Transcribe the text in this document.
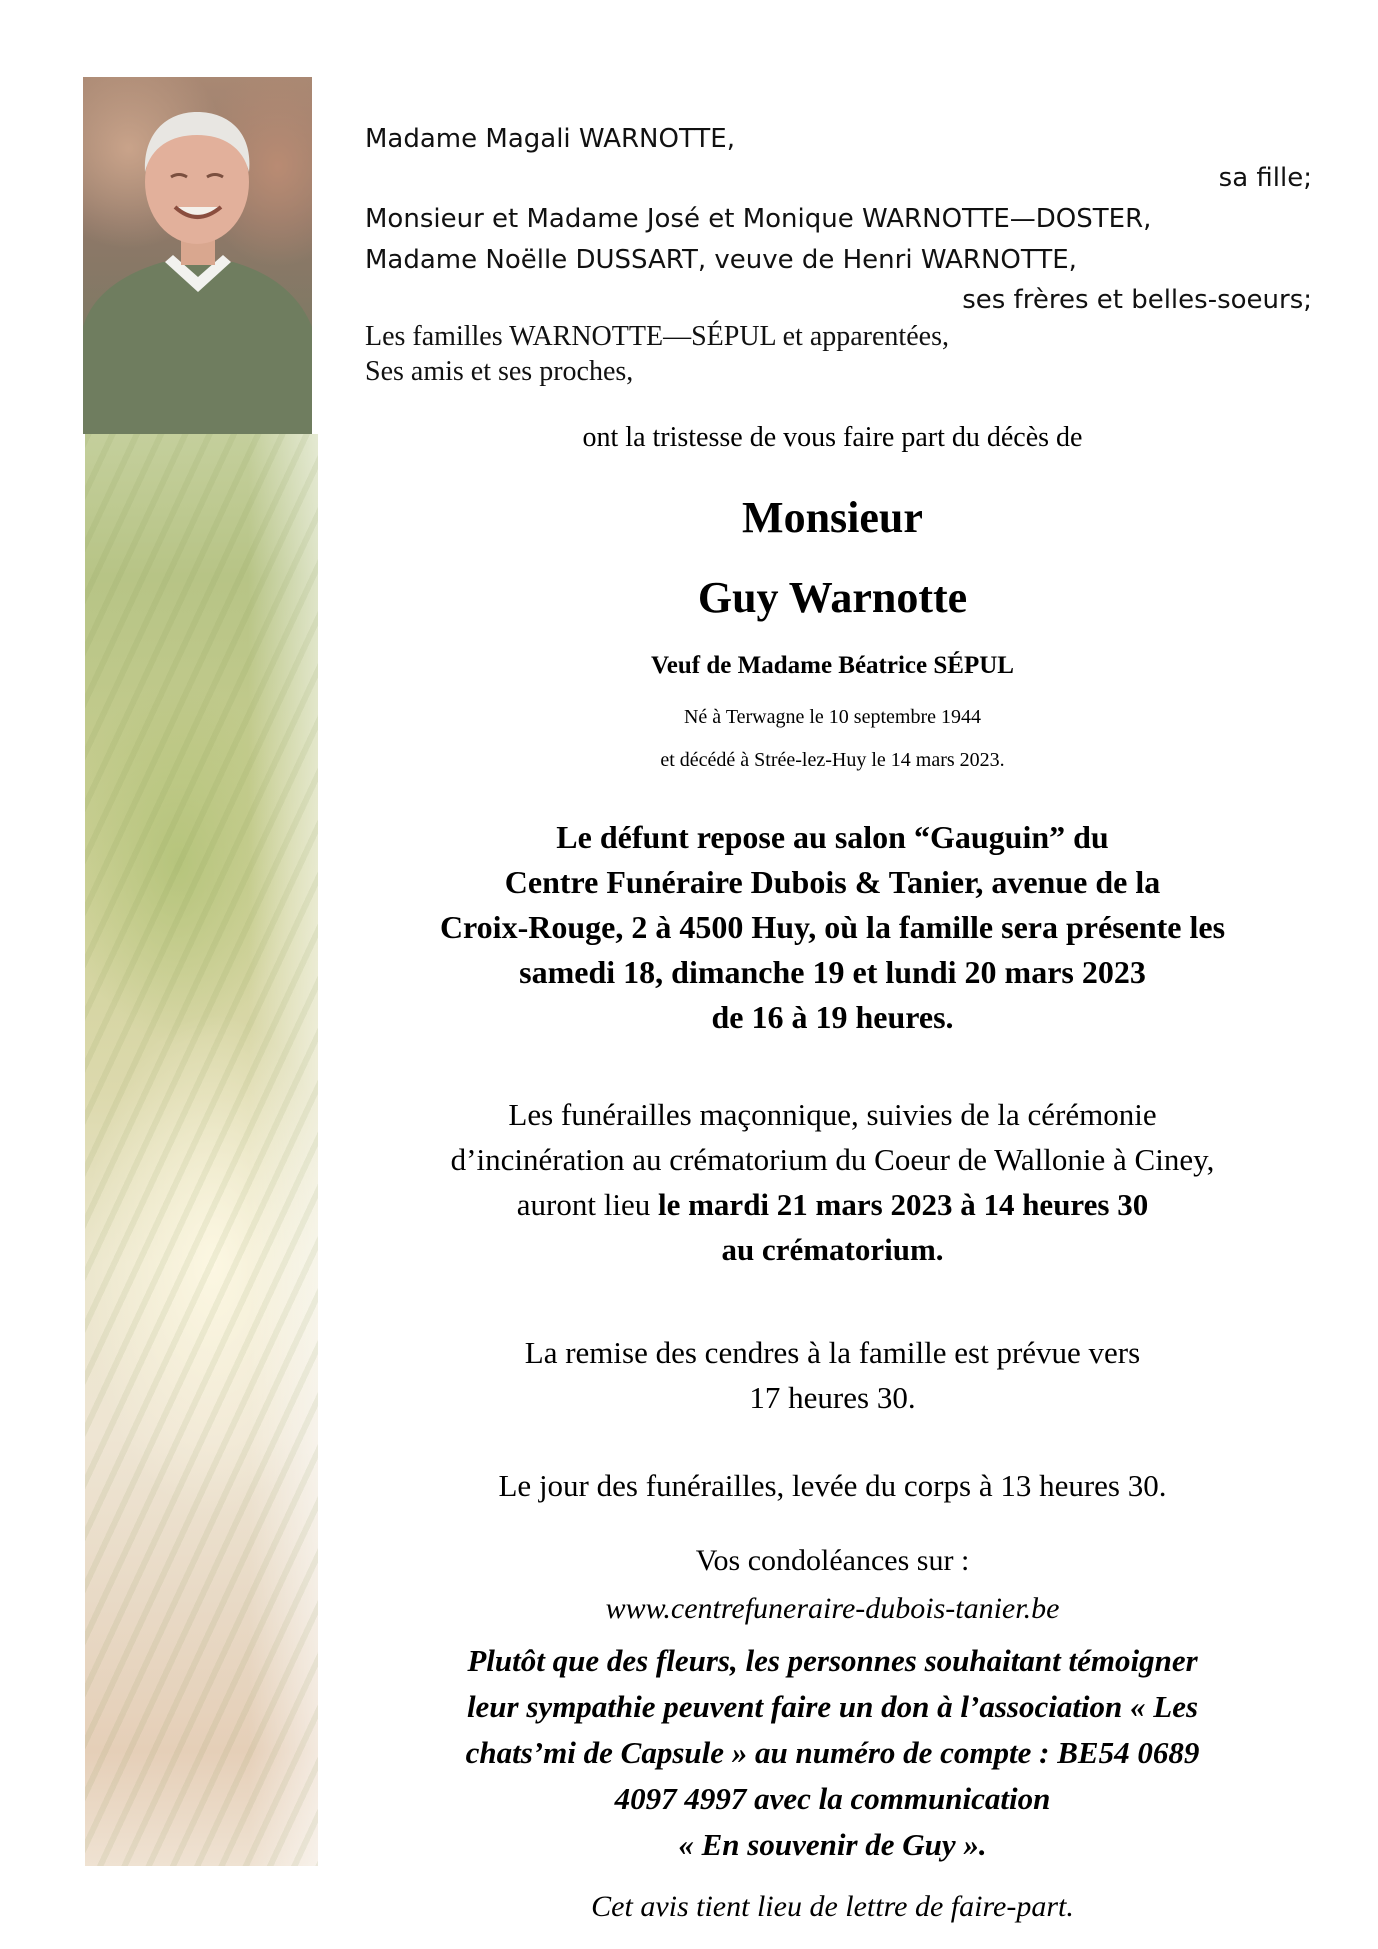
Madame Magali WARNOTTE,

sa fille;

Monsieur et Madame José et Monique WARNOTTE—DOSTER,

Madame Noëlle DUSSART, veuve de Henri WARNOTTE,

ses frères et belles-soeurs;

Les familles WARNOTTE—SÉPUL et apparentées,

Ses amis et ses proches,

ont la tristesse de vous faire part du décès de
Monsieur
Guy Warnotte
Veuf de Madame Béatrice SÉPUL
Né à Terwagne le 10 septembre 1944
et décédé à Strée-lez-Huy le 14 mars 2023.

Le défunt repose au salon “Gauguin” du

Centre Funéraire Dubois & Tanier, avenue de la

Croix-Rouge, 2 à 4500 Huy, où la famille sera présente les

samedi 18, dimanche 19 et lundi 20 mars 2023

de 16 à 19 heures.

Les funérailles maçonnique, suivies de la cérémonie

d’incinération au crématorium du Coeur de Wallonie à Ciney,

auront lieu le mardi 21 mars 2023 à 14 heures 30

au crématorium.

La remise des cendres à la famille est prévue vers

17 heures 30.

Le jour des funérailles, levée du corps à 13 heures 30.
Vos condoléances sur :
www.centrefuneraire-dubois-tanier.be

Plutôt que des fleurs, les personnes souhaitant témoigner

leur sympathie peuvent faire un don à l’association « Les

chats’mi de Capsule » au numéro de compte : BE54 0689

4097 4997 avec la communication

« En souvenir de Guy ».

Cet avis tient lieu de lettre de faire-part.
